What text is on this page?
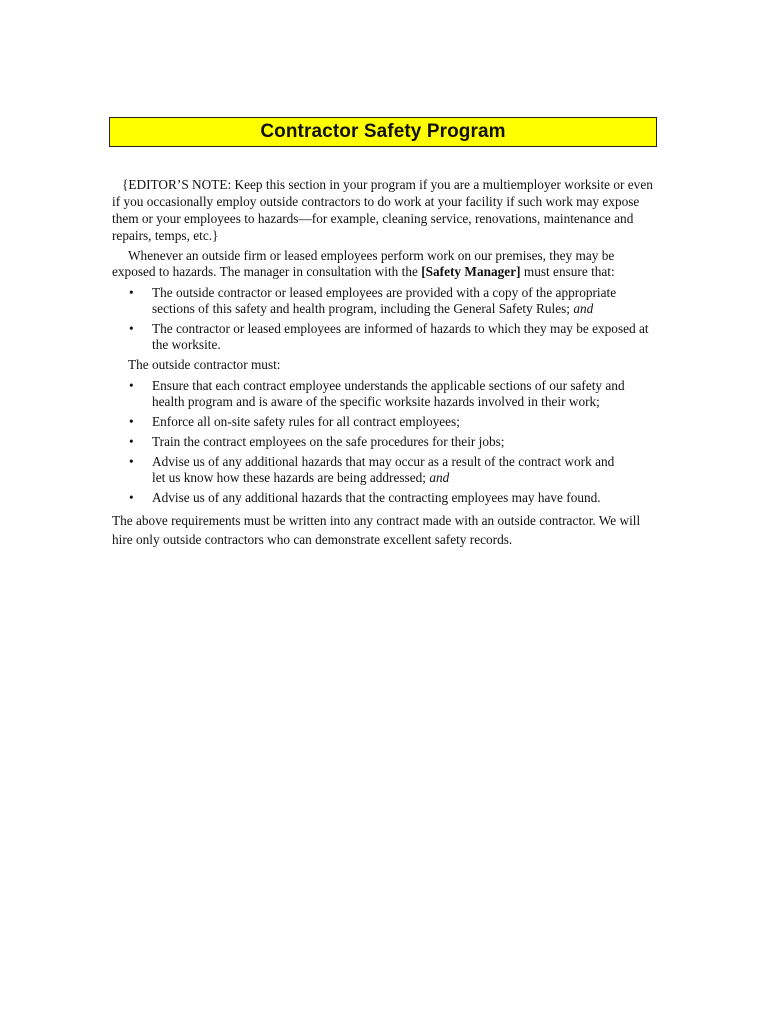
Contractor Safety Program

{EDITOR’S NOTE: Keep this section in your program if you are a multiemployer worksite or even if you occasionally employ outside contractors to do work at your facility if such work may expose them or your employees to hazards—for example, cleaning service, renovations, maintenance and repairs, temps, etc.}

Whenever an outside firm or leased employees perform work on our premises, they may be exposed to hazards. The manager in consultation with the [Safety Manager] must ensure that:

• The outside contractor or leased employees are provided with a copy of the appropriate sections of this safety and health program, including the General Safety Rules; and
• The contractor or leased employees are informed of hazards to which they may be exposed at the worksite.

The outside contractor must:

• Ensure that each contract employee understands the applicable sections of our safety and health program and is aware of the specific worksite hazards involved in their work;
• Enforce all on-site safety rules for all contract employees;
• Train the contract employees on the safe procedures for their jobs;
• Advise us of any additional hazards that may occur as a result of the contract work and
let us know how these hazards are being addressed; and
• Advise us of any additional hazards that the contracting employees may have found.

The above requirements must be written into any contract made with an outside contractor. We will hire only outside contractors who can demonstrate excellent safety records.
